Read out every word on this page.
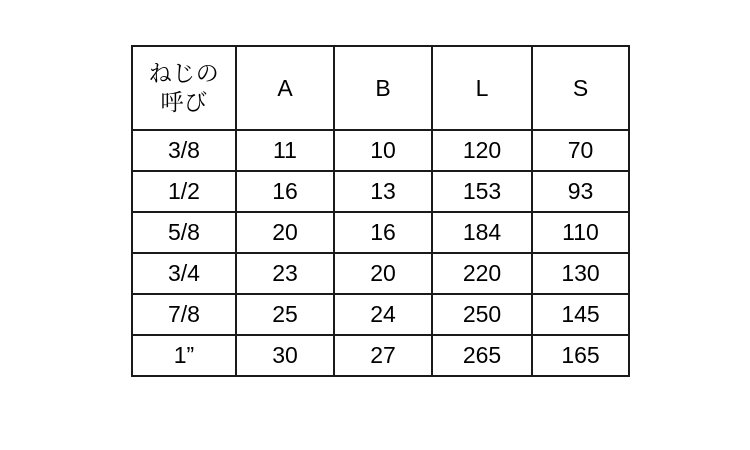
ねじの
呼び	A	B	L	S
3/8	11	10	120	70
1/2	16	13	153	93
5/8	20	16	184	110
3/4	23	20	220	130
7/8	25	24	250	145
1”	30	27	265	165
